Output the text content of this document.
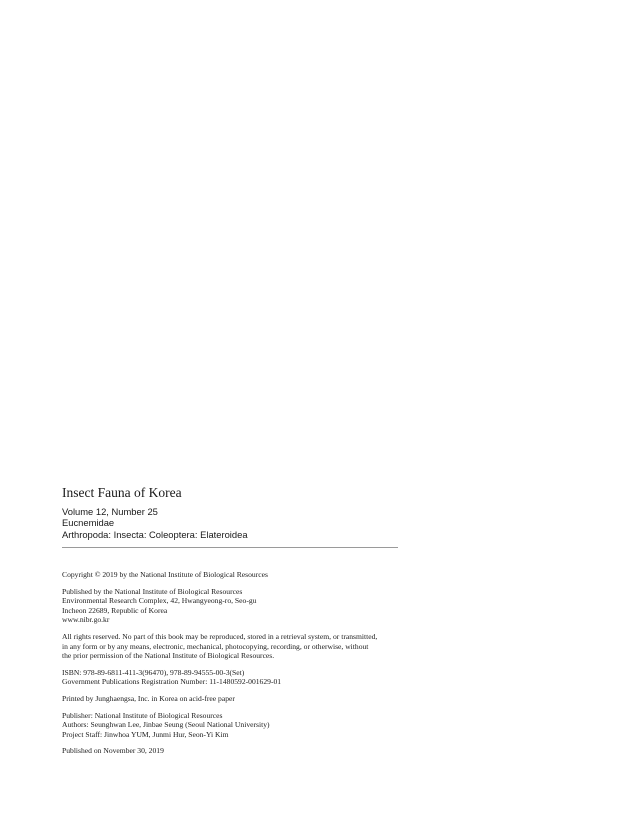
Insect Fauna of Korea
Volume 12, Number 25
Eucnemidae
Arthropoda: Insecta: Coleoptera: Elateroidea

Copyright © 2019 by the National Institute of Biological Resources

Published by the National Institute of Biological Resources
Environmental Research Complex, 42, Hwangyeong-ro, Seo-gu
Incheon 22689, Republic of Korea
www.nibr.go.kr

All rights reserved. No part of this book may be reproduced, stored in a retrieval system, or transmitted,
in any form or by any means, electronic, mechanical, photocopying, recording, or otherwise, without
the prior permission of the National Institute of Biological Resources.

ISBN: 978-89-6811-411-3(96470), 978-89-94555-00-3(Set)
Government Publications Registration Number: 11-1480592-001629-01

Printed by Junghaengsa, Inc. in Korea on acid-free paper

Publisher: National Institute of Biological Resources
Authors: Seunghwan Lee, Jinbae Seung (Seoul National University)
Project Staff: Jinwhoa YUM, Junmi Hur, Seon-Yi Kim

Published on November 30, 2019
